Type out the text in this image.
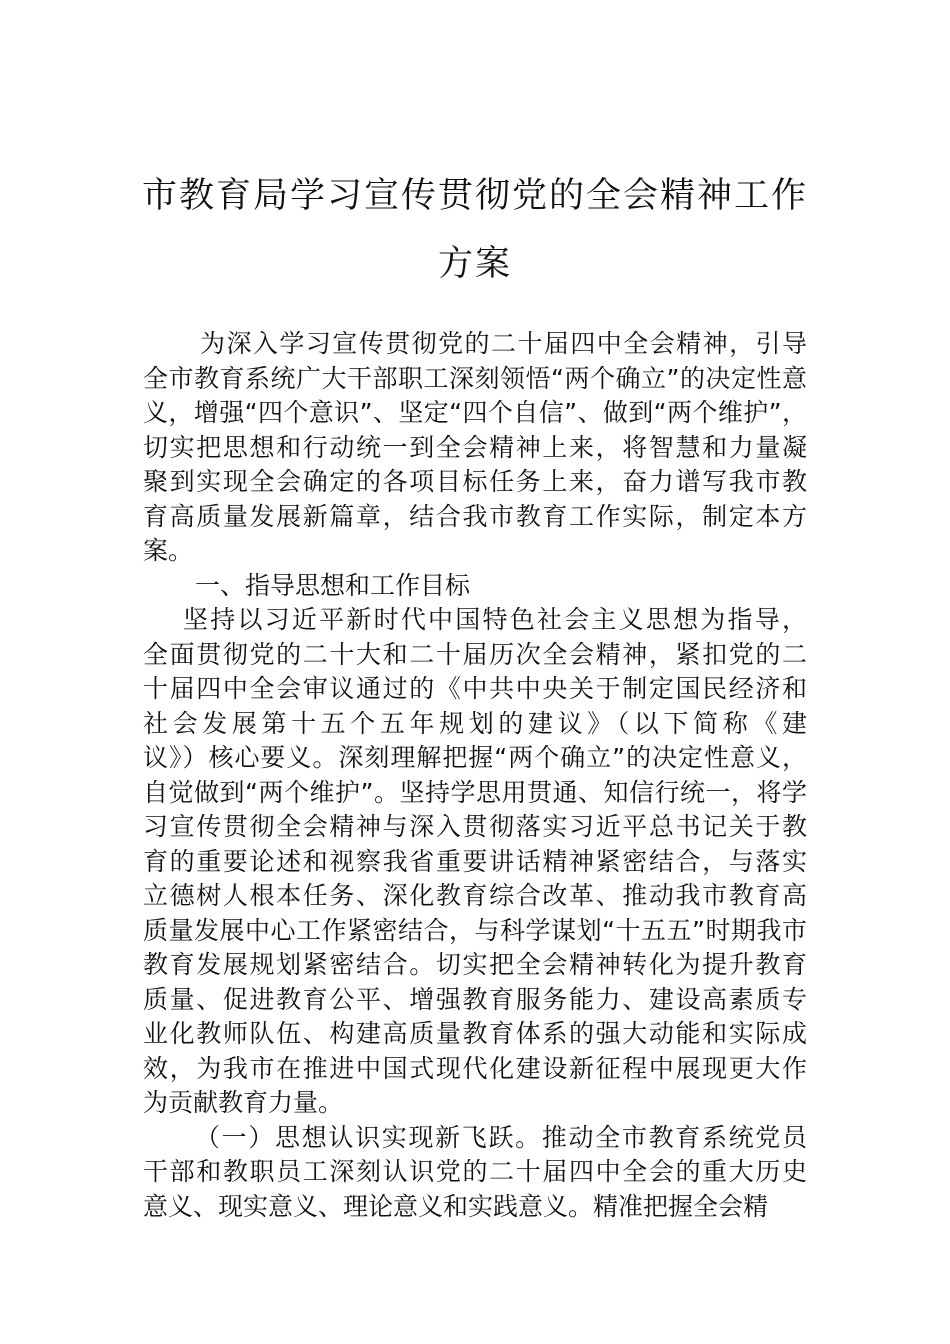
市教育局学习宣传贯彻党的全会精神工作
方案
为深入学习宣传贯彻党的二十届四中全会精神，引导
全市教育系统广大干部职工深刻领悟“两个确立”的决定性意
义，增强“四个意识”、坚定“四个自信”、做到“两个维护”，
切实把思想和行动统一到全会精神上来，将智慧和力量凝
聚到实现全会确定的各项目标任务上来，奋力谱写我市教
育高质量发展新篇章，结合我市教育工作实际，制定本方
案。
一、指导思想和工作目标
坚持以习近平新时代中国特色社会主义思想为指导，
全面贯彻党的二十大和二十届历次全会精神，紧扣党的二
十届四中全会审议通过的《中共中央关于制定国民经济和
社会发展第十五个五年规划的建议》（以下简称《建
议》）核心要义。深刻理解把握“两个确立”的决定性意义，
自觉做到“两个维护”。坚持学思用贯通、知信行统一，将学
习宣传贯彻全会精神与深入贯彻落实习近平总书记关于教
育的重要论述和视察我省重要讲话精神紧密结合，与落实
立德树人根本任务、深化教育综合改革、推动我市教育高
质量发展中心工作紧密结合，与科学谋划“十五五”时期我市
教育发展规划紧密结合。切实把全会精神转化为提升教育
质量、促进教育公平、增强教育服务能力、建设高素质专
业化教师队伍、构建高质量教育体系的强大动能和实际成
效，为我市在推进中国式现代化建设新征程中展现更大作
为贡献教育力量。
（一）思想认识实现新飞跃。推动全市教育系统党员
干部和教职员工深刻认识党的二十届四中全会的重大历史
意义、现实意义、理论意义和实践意义。精准把握全会精
